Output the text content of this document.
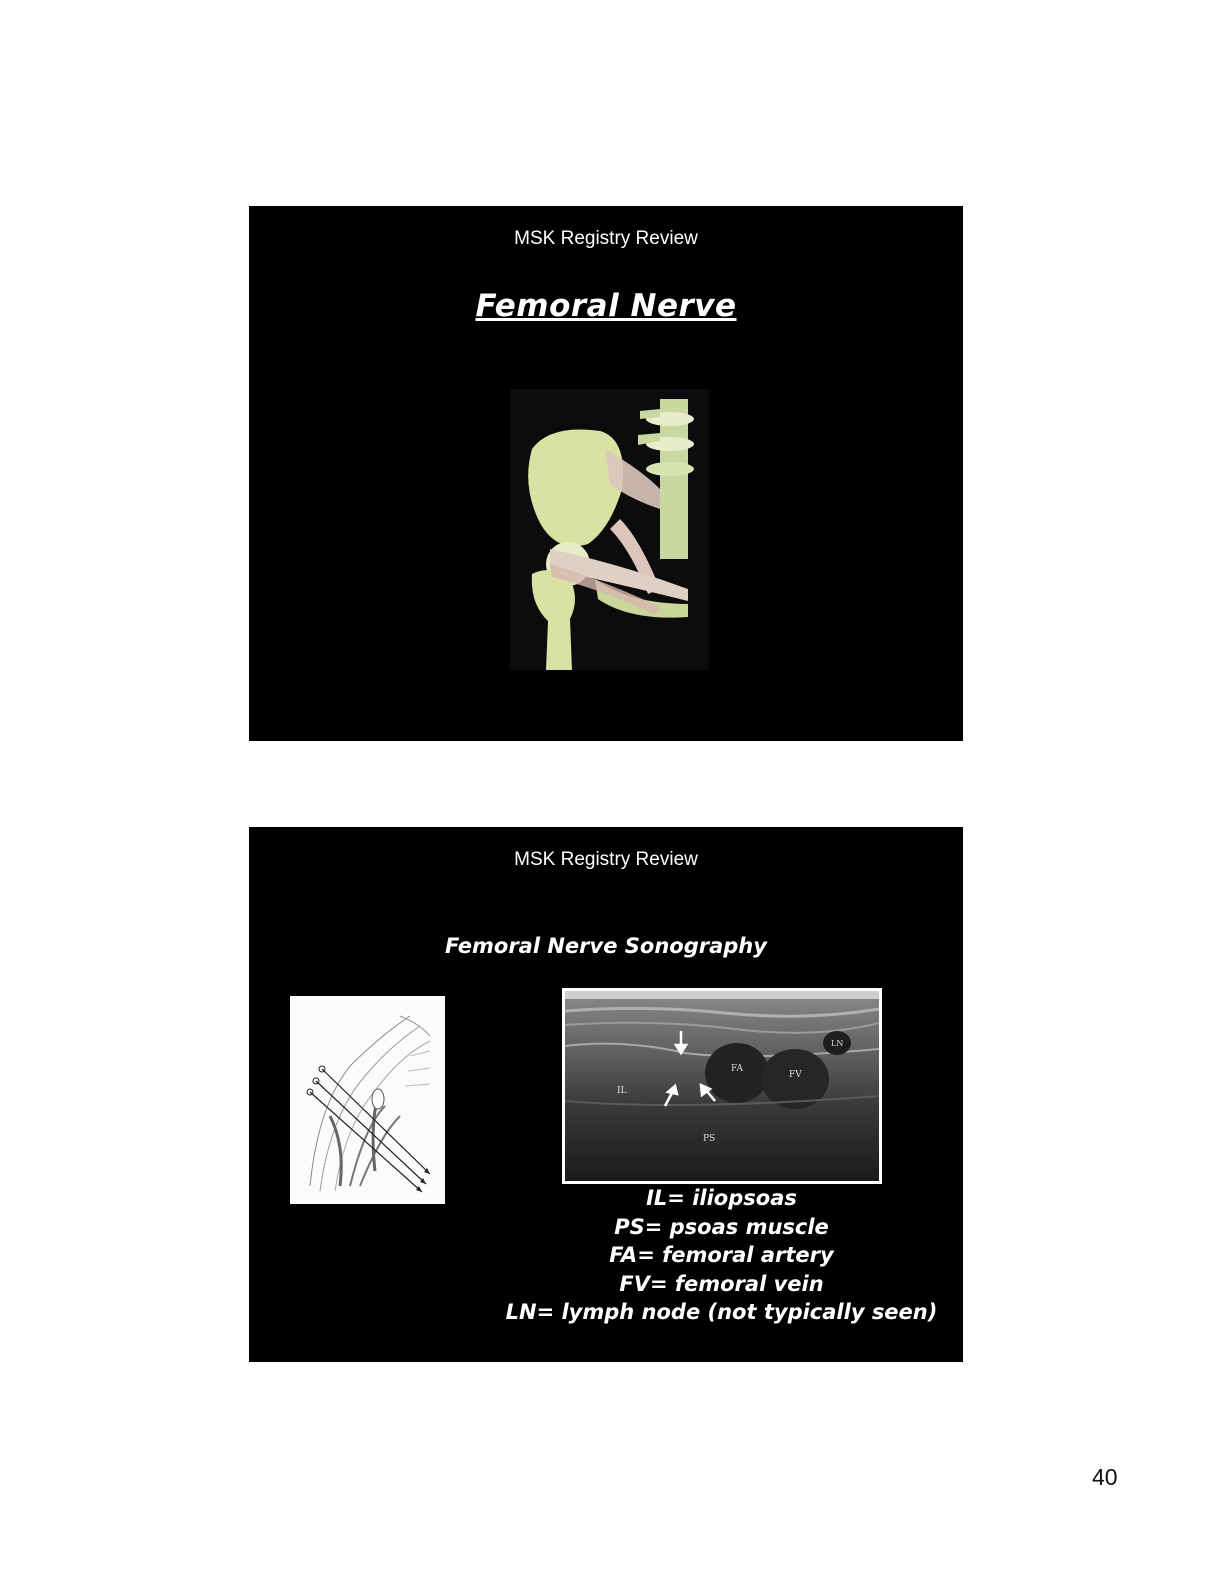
MSK Registry Review
Femoral Nerve
MSK Registry Review
Femoral Nerve Sonography
FA
FV
LN
IL
PS
IL= iliopsoas
PS= psoas muscle
FA= femoral artery
FV= femoral vein
LN= lymph node (not typically seen)
40
